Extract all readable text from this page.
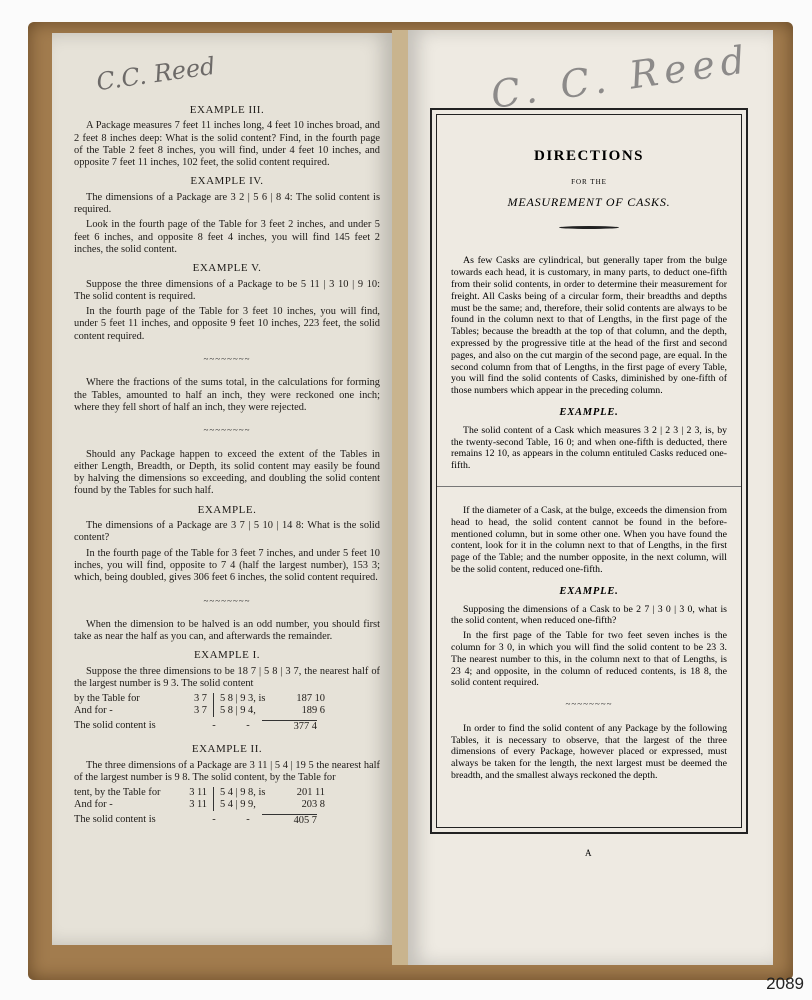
EXAMPLE III.

A Package measures 7 feet 11 inches long, 4 feet 10 inches broad, and 2 feet 8 inches deep: What is the solid content? Find, in the fourth page of the Table 2 feet 8 inches, you will find, under 4 feet 10 inches, and opposite 7 feet 11 inches, 102 feet, the solid content required.

EXAMPLE IV.

The dimensions of a Package are 3 2 | 5 6 | 8 4: The solid content is required.

Look in the fourth page of the Table for 3 feet 2 inches, and under 5 feet 6 inches, and opposite 8 feet 4 inches, you will find 145 feet 2 inches, the solid content.

EXAMPLE V.

Suppose the three dimensions of a Package to be 5 11 | 3 10 | 9 10: The solid content is required.

In the fourth page of the Table for 3 feet 10 inches, you will find, under 5 feet 11 inches, and opposite 9 feet 10 inches, 223 feet, the solid content required.

~~~~~~~~

Where the fractions of the sums total, in the calculations for forming the Tables, amounted to half an inch, they were reckoned one inch; where they fell short of half an inch, they were rejected.

~~~~~~~~

Should any Package happen to exceed the extent of the Tables in either Length, Breadth, or Depth, its solid content may easily be found by halving the dimensions so exceeding, and doubling the solid content found by the Tables for such half.

EXAMPLE.

The dimensions of a Package are 3 7 | 5 10 | 14 8: What is the solid content?

In the fourth page of the Table for 3 feet 7 inches, and under 5 feet 10 inches, you will find, opposite to 7 4 (half the largest number), 153 3; which, being doubled, gives 306 feet 6 inches, the solid content required.

~~~~~~~~

When the dimension to be halved is an odd number, you should first take as near the half as you can, and afterwards the remainder.

EXAMPLE I.

Suppose the three dimensions to be 18 7 | 5 8 | 3 7, the nearest half of the largest number is 9 3. The solid content

by the Table for	3 7	5 8 | 9 3, is	187 10
And for -	3 7	5 8 | 9 4,	189 6
The solid content is	-	-	377 4
EXAMPLE II.

The three dimensions of a Package are 3 11 | 5 4 | 19 5 the nearest half of the largest number is 9 8. The solid content, by the Table for

tent, by the Table for	3 11	5 4 | 9 8, is	201 11
And for -	3 11	5 4 | 9 9,	203 8
The solid content is	-	-	405 7
C.C. Reed	C. C. Reed
DIRECTIONS
FOR THE
MEASUREMENT OF CASKS.

As few Casks are cylindrical, but generally taper from the bulge towards each head, it is customary, in many parts, to deduct one-fifth from their solid contents, in order to determine their measurement for freight. All Casks being of a circular form, their breadths and depths must be the same; and, therefore, their solid contents are always to be found in the column next to that of Lengths, in the first page of the Tables; because the breadth at the top of that column, and the depth, expressed by the progressive title at the head of the first and second pages, and also on the cut margin of the second page, are equal. In the second column from that of Lengths, in the first page of every Table, you will find the solid contents of Casks, diminished by one-fifth of those numbers which appear in the preceding column.

EXAMPLE.

The solid content of a Cask which measures 3 2 | 2 3 | 2 3, is, by the twenty-second Table, 16 0; and when one-fifth is deducted, there remains 12 10, as appears in the column entituled Casks reduced one-fifth.

If the diameter of a Cask, at the bulge, exceeds the dimension from head to head, the solid content cannot be found in the before-mentioned column, but in some other one. When you have found the content, look for it in the column next to that of Lengths, in the first page of the Table; and the number opposite, in the next column, will be the solid content, reduced one-fifth.

EXAMPLE.

Supposing the dimensions of a Cask to be 2 7 | 3 0 | 3 0, what is the solid content, when reduced one-fifth?

In the first page of the Table for two feet seven inches is the column for 3 0, in which you will find the solid content to be 23 3. The nearest number to this, in the column next to that of Lengths, is 23 4; and opposite, in the column of reduced contents, is 18 8, the solid content required.

~~~~~~~~

In order to find the solid content of any Package by the following Tables, it is necessary to observe, that the largest of the three dimensions of every Package, however placed or expressed, must always be taken for the length, the next largest must be deemed the breadth, and the smallest always reckoned the depth.

A
2089
